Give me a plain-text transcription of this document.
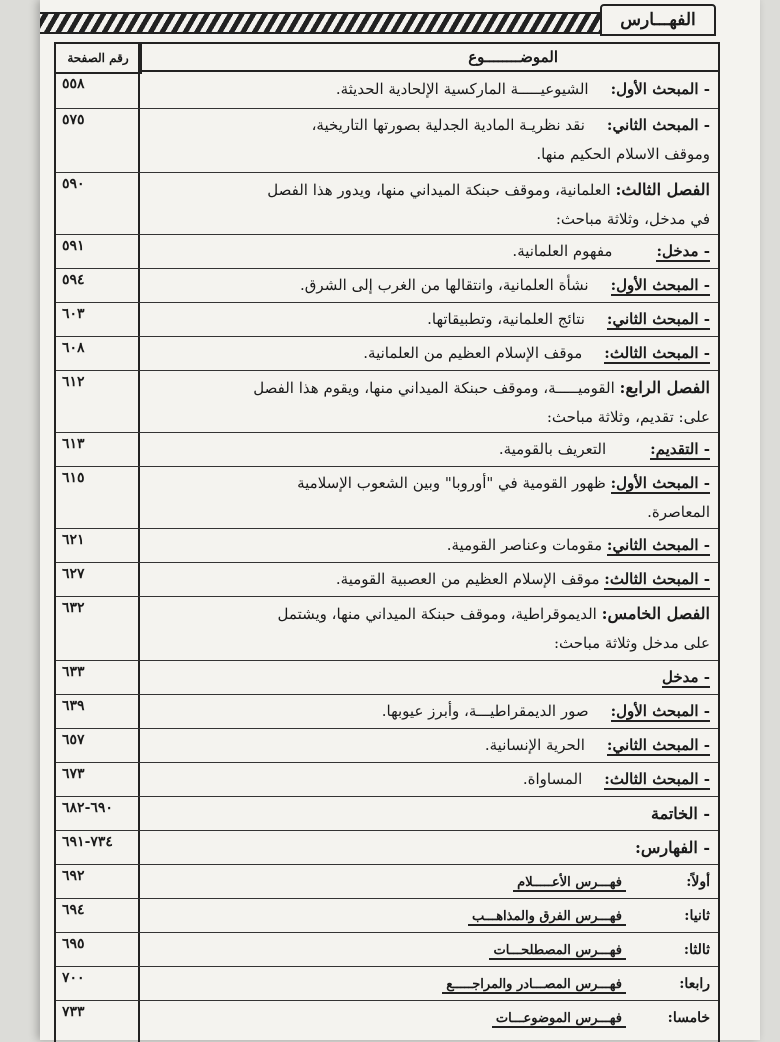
الفهـــارس
الموضــــــــوع
رقم الصفحة
٥٥٨	- المبحث الأول:الشيوعيـــــة الماركسية الإلحادية الحديثة.
٥٧٥	- المبحث الثاني:نقد نظريـة المادية الجدلية بصورتها التاريخية،
وموقف الاسلام الحكيم منها.
٥٩٠	الفصل الثالث: العلمانية، وموقف حبنكة الميداني منها، ويدور هذا الفصل
في مدخل، وثلاثة مباحث:
٥٩١	- مدخل:مفهوم العلمانية.
٥٩٤	- المبحث الأول:نشأة العلمانية، وانتقالها من الغرب إلى الشرق.
٦٠٣	- المبحث الثاني:نتائج العلمانية، وتطبيقاتها.
٦٠٨	- المبحث الثالث:موقف الإسلام العظيم من العلمانية.
٦١٢	الفصل الرابع: القوميـــــة، وموقف حبنكة الميداني منها، ويقوم هذا الفصل
على: تقديم، وثلاثة مباحث:
٦١٣	- التقديم:التعريف بالقومية.
٦١٥	- المبحث الأول: ظهور القومية في "أوروبا" وبين الشعوب الإسلامية
المعاصرة.
٦٢١	- المبحث الثاني: مقومات وعناصر القومية.
٦٢٧	- المبحث الثالث: موقف الإسلام العظيم من العصبية القومية.
٦٣٢	الفصل الخامس: الديموقراطية، وموقف حبنكة الميداني منها، ويشتمل
على مدخل وثلاثة مباحث:
٦٣٣	- مدخل
٦٣٩	- المبحث الأول:صور الديمقراطيـــة، وأبرز عيوبها.
٦٥٧	- المبحث الثاني:الحرية الإنسانية.
٦٧٣	- المبحث الثالث:المساواة.
٦٩٠-٦٨٢	- الخاتمة
٧٣٤-٦٩١	- الفهارس:
٦٩٢	أولاً:فهـــرس الأعـــــلام
٦٩٤	ثانيا:فهـــرس الفرق والمذاهـــب
٦٩٥	ثالثا:فهـــرس المصطلحـــات
٧٠٠	رابعا:فهـــرس المصـــادر والمراجـــــع
٧٣٣	خامسا:فهـــرس الموضوعـــات
